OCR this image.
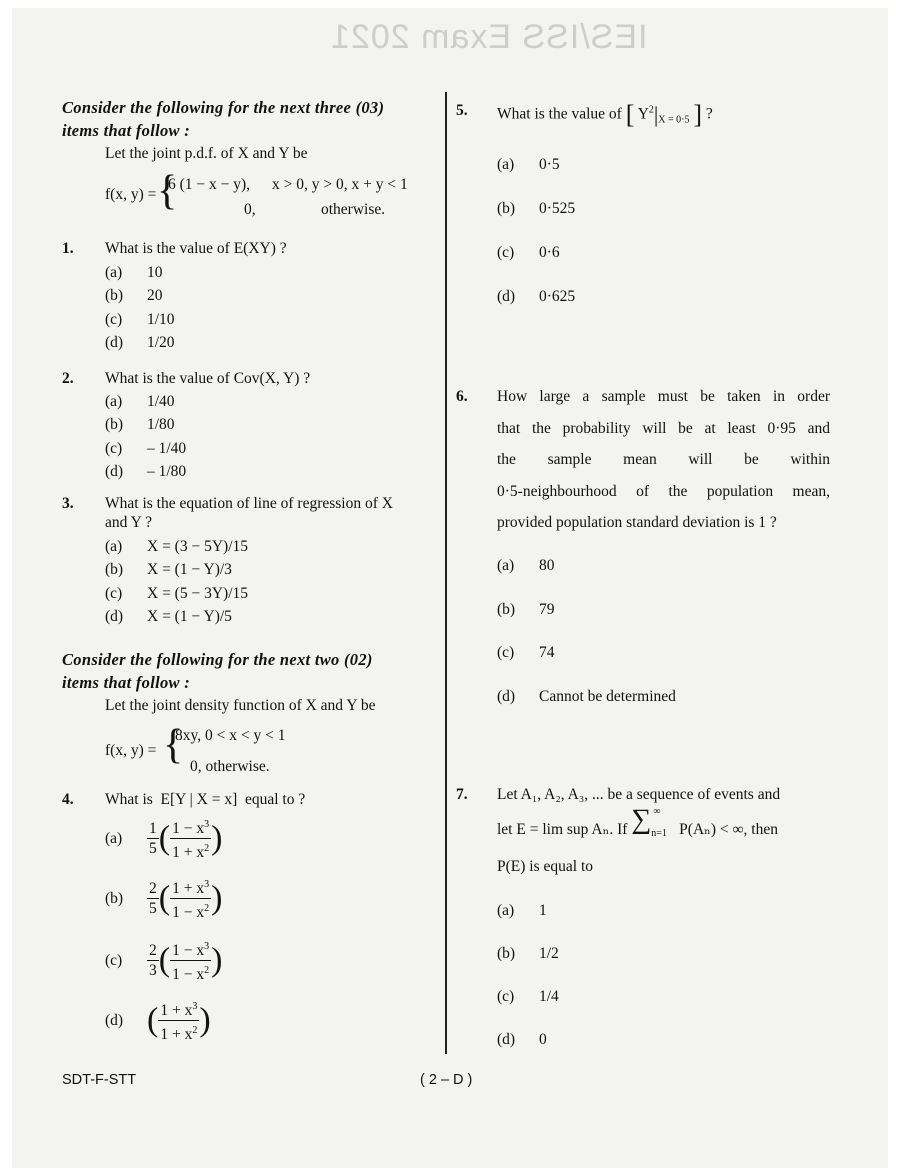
IES/ISS Exam 2021
Consider the following for the next three (03)
items that follow :
Let the joint p.d.f. of X and Y be
f(x, y) = {
6 (1 − x − y), x > 0, y > 0, x + y < 1
0,	otherwise.
1. What is the value of E(XY) ?
(a) 10
(b) 20
(c) 1/10
(d) 1/20
2. What is the value of Cov(X, Y) ?
(a) 1/40
(b) 1/80
(c) – 1/40
(d) – 1/80
3. What is the equation of line of regression of X
and Y ?
(a) X = (3 − 5Y)/15
(b) X = (1 − Y)/3
(c) X = (5 − 3Y)/15
(d) X = (1 − Y)/5
Consider the following for the next two (02)
items that follow :
Let the joint density function of X and Y be
f(x, y) = {
8xy, 0 < x < y < 1
0, otherwise.
4. What is E[Y | X = x] equal to ?
$(a) \frac{1}{5}$ ( $\frac{1 - x^3}{1 + x^2}$ )
$(b) \frac{2}{5}$ ( $\frac{1 + x^3}{1 - x^2}$ )
$(c) \frac{2}{3}$ ( $\frac{1 - x^3}{1 - x^2}$ )
(d) ( $\frac{1 + x^3}{1 + x^2}$ )
5. What is the value of [ $Y^2|_{X = 0\cdot 5}$ ] ?
(a) 0·5
(b) 0·525
(c) 0·6
(d) 0·625
6. How large a sample must be taken in order
that the probability will be at least 0·95 and
the sample mean will be within
0·5-neighbourhood of the population mean,
provided population standard deviation is 1 ?
(a) 80
(b) 79
(c) 74
(d) Cannot be determined
7. Let A₁, A₂, A₃, ... be a sequence of events and
let E = lim sup Aₙ. If ∑ ∞
n=1 P(Aₙ) < ∞, then
P(E) is equal to
(a) 1
(b) 1/2
(c) 1/4
(d) 0
SDT-F-STT	( 2 – D )
